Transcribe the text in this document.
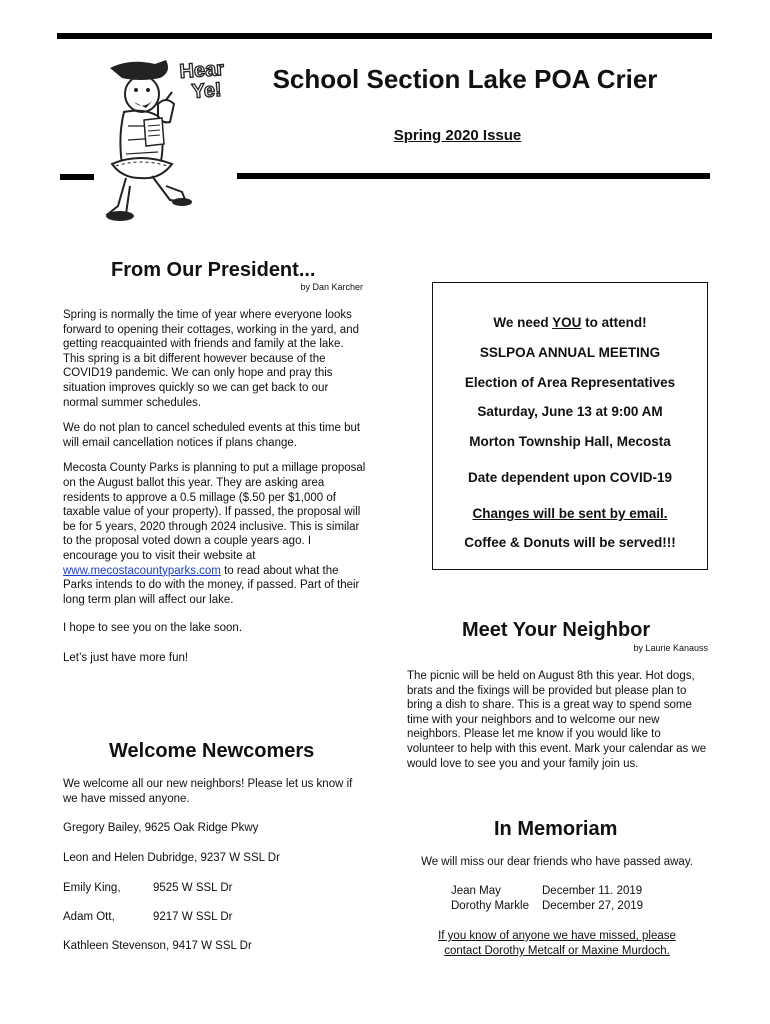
Hear
Ye!	School Section Lake POA Crier
Spring 2020 Issue
From Our President...
by Dan Karcher

Spring is normally the time of year where everyone looks forward to opening their cottages, working in the yard, and getting reacquainted with friends and family at the lake. This spring is a bit different however because of the COVID19 pandemic. We can only hope and pray this situation improves quickly so we can get back to our normal summer schedules.

We do not plan to cancel scheduled events at this time but will email cancellation notices if plans change.

Mecosta County Parks is planning to put a millage proposal on the August ballot this year. They are asking area residents to approve a 0.5 millage ($.50 per $1,000 of taxable value of your property). If passed, the proposal will be for 5 years, 2020 through 2024 inclusive. This is similar to the proposal voted down a couple years ago. I encourage you to visit their website at www.mecostacountyparks.com to read about what the Parks intends to do with the money, if passed. Part of their long term plan will affect our lake.

I hope to see you on the lake soon.

Let’s just have more fun!

We need YOU to attend!
SSLPOA ANNUAL MEETING
Election of Area Representatives
Saturday, June 13 at 9:00 AM
Morton Township Hall, Mecosta
Date dependent upon COVID-19
Changes will be sent by email.
Coffee & Donuts will be served!!!
Welcome Newcomers
We welcome all our new neighbors! Please let us know if we have missed anyone.
Gregory Bailey, 9625 Oak Ridge Pkwy
Leon and Helen Dubridge, 9237 W SSL Dr
Emily King,	9525 W SSL Dr
Adam Ott,	9217 W SSL Dr
Kathleen Stevenson, 9417 W SSL Dr
Meet Your Neighbor
by Laurie Kanauss
The picnic will be held on August 8th this year. Hot dogs, brats and the fixings will be provided but please plan to bring a dish to share. This is a great way to spend some time with your neighbors and to welcome our new neighbors. Please let me know if you would like to volunteer to help with this event. Mark your calendar as we would love to see you and your family join us.
In Memoriam
We will miss our dear friends who have passed away.
Jean May	December 11. 2019
Dorothy Markle December 27, 2019
If you know of anyone we have missed, please
contact Dorothy Metcalf or Maxine Murdoch.
